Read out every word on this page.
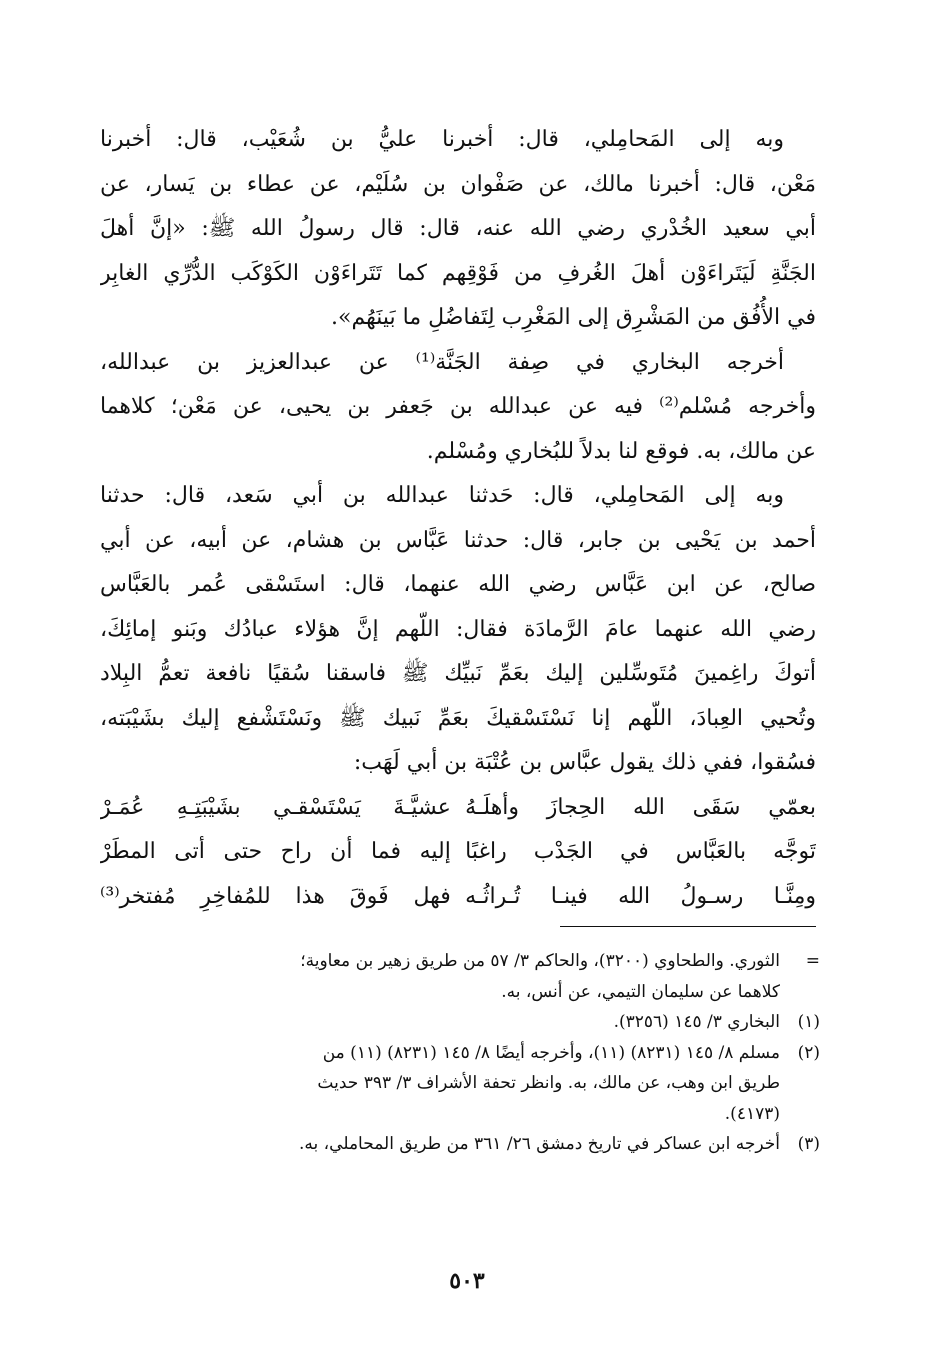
وبه إلى المَحامِلي، قال: أخبرنا عليُّ بن شُعَيْب، قال: أخبرنا
مَعْن، قال: أخبرنا مالك، عن صَفْوان بن سُلَيْم، عن عطاء بن يَسار، عن
أبي سعيد الخُدْري رضي الله عنه، قال: قال رسولُ الله ﷺ: «إنَّ أهلَ
الجَنَّةِ لَيَتَراءَوْن أهلَ الغُرفِ من فَوْقِهم كما تَتَراءَوْن الكَوْكَب الدُّرِّي الغابِر
في الأُفُق من المَشْرِق إلى المَغْرِب لِتَفاضُلِ ما بَينَهُم».
أخرجه البخاري في صِفة الجَنَّة⁽¹⁾ عن عبدالعزيز بن عبدالله،
وأخرجه مُسْلم⁽²⁾ فيه عن عبدالله بن جَعفر بن يحيى، عن مَعْن؛ كلاهما
عن مالك، به. فوقع لنا بدلاً للبُخاري ومُسْلم.
وبه إلى المَحامِلي، قال: حَدثنا عبدالله بن أبي سَعد، قال: حدثنا
أحمد بن يَحْيى بن جابر، قال: حدثنا عَبَّاس بن هشام، عن أبيه، عن أبي
صالح، عن ابن عَبَّاس رضي الله عنهما، قال: استَسْقى عُمر بالعَبَّاس
رضي الله عنهما عامَ الرَّمادَة فقال: اللّهم إنَّ هؤلاء عبادُك وبَنو إمائِكَ،
أتوكَ راغِمينَ مُتَوسِّلين إليك بعَمِّ نَبيِّك ﷺ فاسقنا سُقيًا نافعة تعمُّ البِلاد
وتُحيي العِبادَ، اللّهم إنا نَسْتَسْقيكَ بعَمِّ نَبيك ﷺ ونَسْتَشْفع إليك بشَيْبَته،
فسُقوا، ففي ذلك يقول عبَّاس بن عُتْبَة بن أبي لَهَب:
بعمّي سَقَى الله الحِجازَ وأهلَـهُ
عشيَّـةَ يَسْتَسْقـي بشَيْبَتِـهِ عُمَـرْ
تَوجَّه بالعَبَّاس في الجَدْب راغبًا
إليه فما أن راح حتى أتى المطَرْ
ومِنَّـا رسـولُ الله فينـا تُـراثُـه
فهل فَوقَ هذا للمُفاخِرِ مُفتخر⁽³⁾
=
الثوري. والطحاوي (٣٢٠٠)، والحاكم ٣/ ٥٧ من طريق زهير بن معاوية؛
كلاهما عن سليمان التيمي، عن أنس، به.
(١)
البخاري ٣/ ١٤٥ (٣٢٥٦).
(٢)
مسلم ٨/ ١٤٥ (٨٢٣١) (١١)، وأخرجه أيضًا ٨/ ١٤٥ (٨٢٣١) (١١) من
طريق ابن وهب، عن مالك، به. وانظر تحفة الأشراف ٣/ ٣٩٣ حديث
(٤١٧٣).
(٣)
أخرجه ابن عساكر في تاريخ دمشق ٢٦/ ٣٦١ من طريق المحاملي، به.
٥٠٣
